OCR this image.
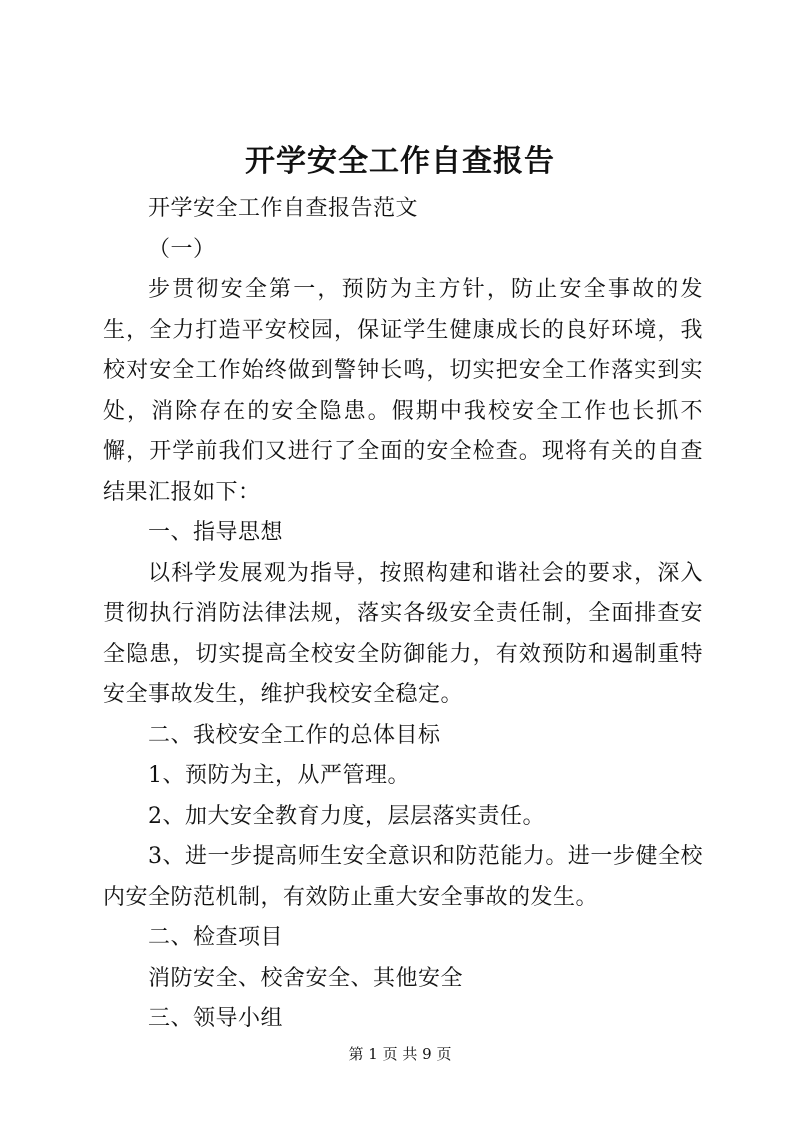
开学安全工作自查报告

开学安全工作自查报告范文

（一）

步贯彻安全第一，预防为主方针，防止安全事故的发生，全力打造平安校园，保证学生健康成长的良好环境，我校对安全工作始终做到警钟长鸣，切实把安全工作落实到实处，消除存在的安全隐患。假期中我校安全工作也长抓不懈，开学前我们又进行了全面的安全检查。现将有关的自查结果汇报如下：

一、指导思想

以科学发展观为指导，按照构建和谐社会的要求，深入贯彻执行消防法律法规，落实各级安全责任制，全面排查安全隐患，切实提高全校安全防御能力，有效预防和遏制重特安全事故发生，维护我校安全稳定。

二、我校安全工作的总体目标

1、预防为主，从严管理。

2、加大安全教育力度，层层落实责任。

3、进一步提高师生安全意识和防范能力。进一步健全校内安全防范机制，有效防止重大安全事故的发生。

二、检查项目

消防安全、校舍安全、其他安全

三、领导小组

第 1 页 共 9 页
